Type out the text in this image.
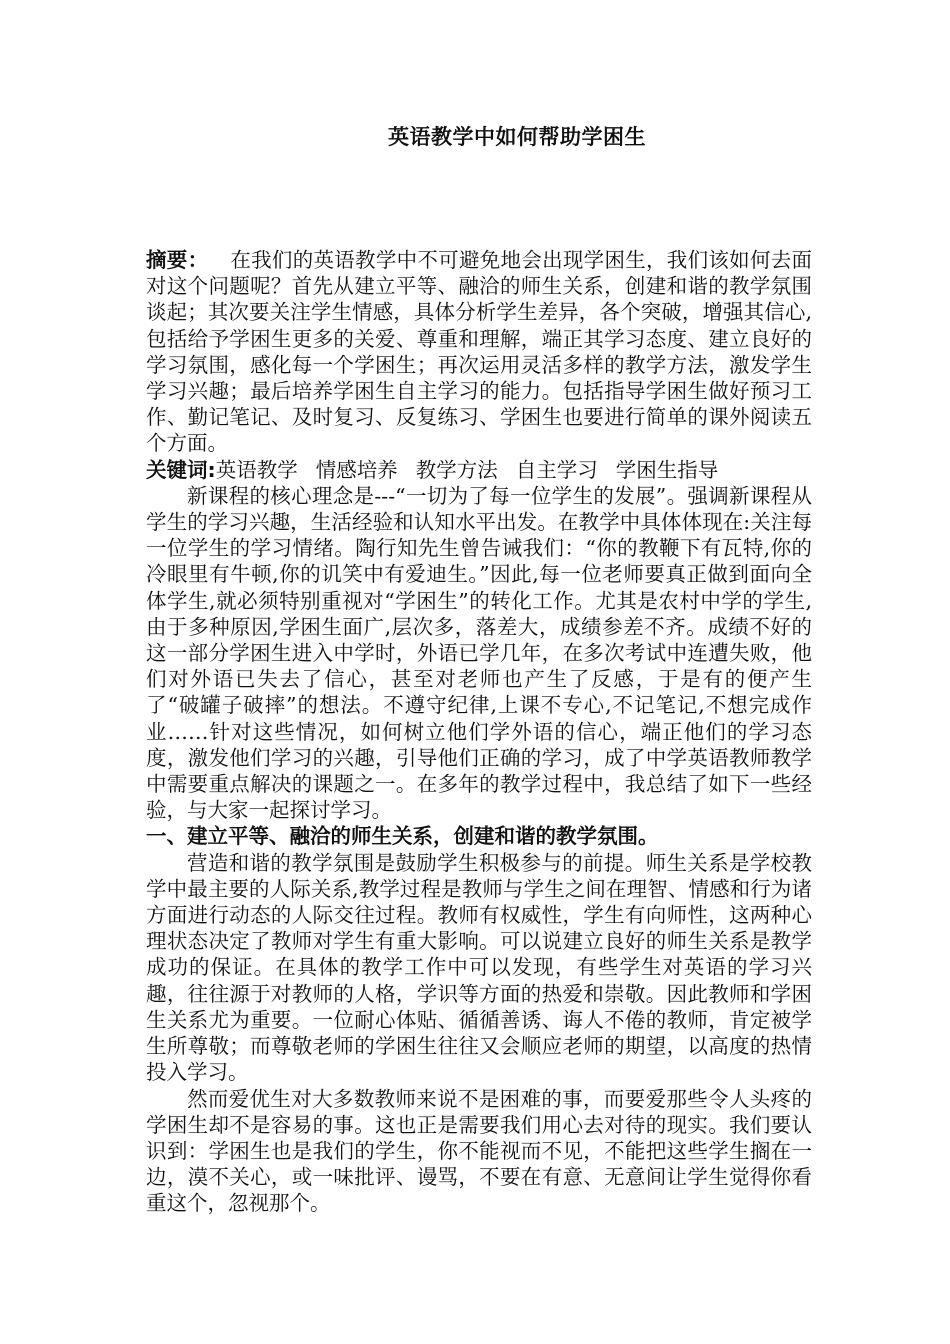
英语教学中如何帮助学困生

摘要： 在我们的英语教学中不可避免地会出现学困生，我们该如何去面对这个问题呢？首先从建立平等、融洽的师生关系，创建和谐的教学氛围谈起；其次要关注学生情感，具体分析学生差异，各个突破，增强其信心,包括给予学困生更多的关爱、尊重和理解，端正其学习态度、建立良好的学习氛围，感化每一个学困生；再次运用灵活多样的教学方法，激发学生学习兴趣；最后培养学困生自主学习的能力。包括指导学困生做好预习工作、勤记笔记、及时复习、反复练习、学困生也要进行简单的课外阅读五个方面。

关键词:英语教学 情感培养 教学方法 自主学习 学困生指导

新课程的核心理念是---“一切为了每一位学生的发展”。强调新课程从学生的学习兴趣，生活经验和认知水平出发。在教学中具体体现在:关注每一位学生的学习情绪。陶行知先生曾告诫我们：“你的教鞭下有瓦特,你的冷眼里有牛顿,你的讥笑中有爱迪生。”因此,每一位老师要真正做到面向全体学生,就必须特别重视对“学困生”的转化工作。尤其是农村中学的学生,由于多种原因,学困生面广,层次多，落差大，成绩参差不齐。成绩不好的这一部分学困生进入中学时，外语已学几年，在多次考试中连遭失败，他们对外语已失去了信心，甚至对老师也产生了反感，于是有的便产生了“破罐子破摔”的想法。不遵守纪律,上课不专心,不记笔记,不想完成作业……针对这些情况，如何树立他们学外语的信心，端正他们的学习态度，激发他们学习的兴趣，引导他们正确的学习，成了中学英语教师教学中需要重点解决的课题之一。在多年的教学过程中，我总结了如下一些经验，与大家一起探讨学习。

一、建立平等、融洽的师生关系，创建和谐的教学氛围。

营造和谐的教学氛围是鼓励学生积极参与的前提。师生关系是学校教学中最主要的人际关系,教学过程是教师与学生之间在理智、情感和行为诸方面进行动态的人际交往过程。教师有权威性，学生有向师性，这两种心理状态决定了教师对学生有重大影响。可以说建立良好的师生关系是教学成功的保证。在具体的教学工作中可以发现，有些学生对英语的学习兴趣，往往源于对教师的人格，学识等方面的热爱和崇敬。因此教师和学困生关系尤为重要。一位耐心体贴、循循善诱、诲人不倦的教师，肯定被学生所尊敬；而尊敬老师的学困生往往又会顺应老师的期望，以高度的热情投入学习。

然而爱优生对大多数教师来说不是困难的事，而要爱那些令人头疼的学困生却不是容易的事。这也正是需要我们用心去对待的现实。我们要认识到：学困生也是我们的学生，你不能视而不见，不能把这些学生搁在一边，漠不关心，或一味批评、谩骂，不要在有意、无意间让学生觉得你看重这个，忽视那个。
